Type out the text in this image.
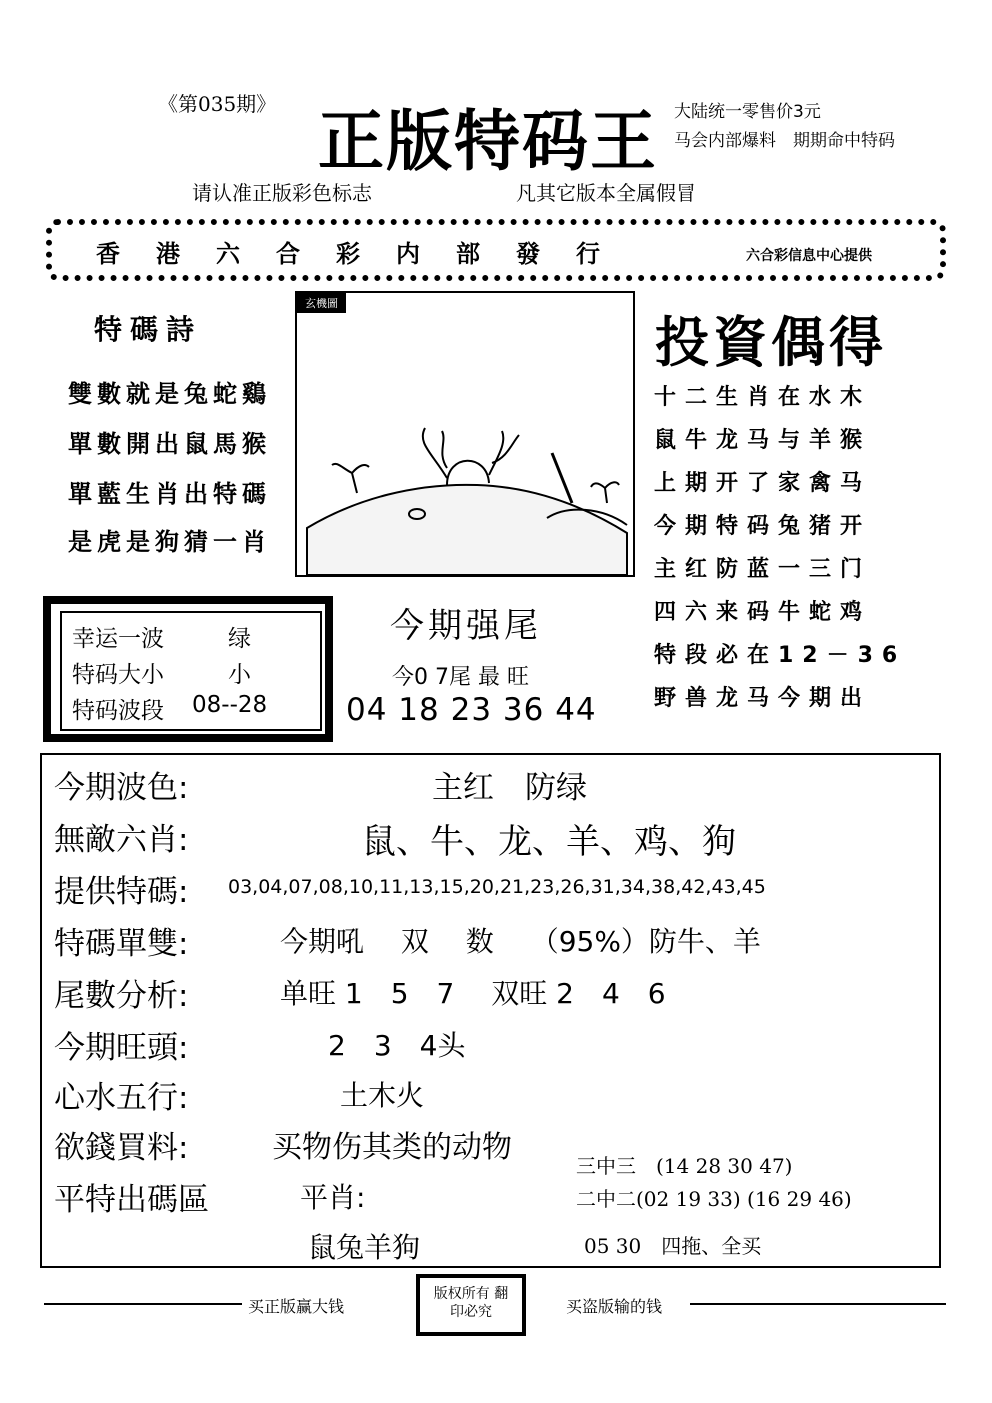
《第035期》 正版特码王 大陆统一零售价3元
马会内部爆料　期期命中特码
请认准正版彩色标志	凡其它版本全属假冒
香港六合彩内部發行	六合彩信息中心提供
特碼詩
雙數就是兔蛇鷄
單數開出鼠馬猴
單藍生肖出特碼
是虎是狗猜一肖
玄機圖
投資偶得
十二生肖在水木
鼠牛龙马与羊猴
上期开了家禽马
今期特码兔猪开
主红防蓝一三门
四六来码牛蛇鸡
特段必在12－36
野兽龙马今期出
幸运一波	绿
特码大小	小
特码波段 08--28
今期强尾
今0 7尾 最 旺
04 18 23 36 44
今期波色:	主红　防绿
無敵六肖:	鼠、牛、龙、羊、鸡、狗
提供特碼: 03,04,07,08,10,11,13,15,20,21,23,26,31,34,38,42,43,45
特碼單雙:	今期吼　 双　 数　 （95%）防牛、羊
尾數分析:	单旺 1　5　7　 双旺 2　4　6
今期旺頭:	2　3　4头
心水五行:	土木火
欲錢買料:	买物伤其类的动物
平特出碼區	平肖:
鼠兔羊狗
三中三　(14 28 30 47)
二中二(02 19 33) (16 29 46)
05 30　四拖、全买
买正版赢大钱
版权所有 翻印必究	买盗版输的钱
